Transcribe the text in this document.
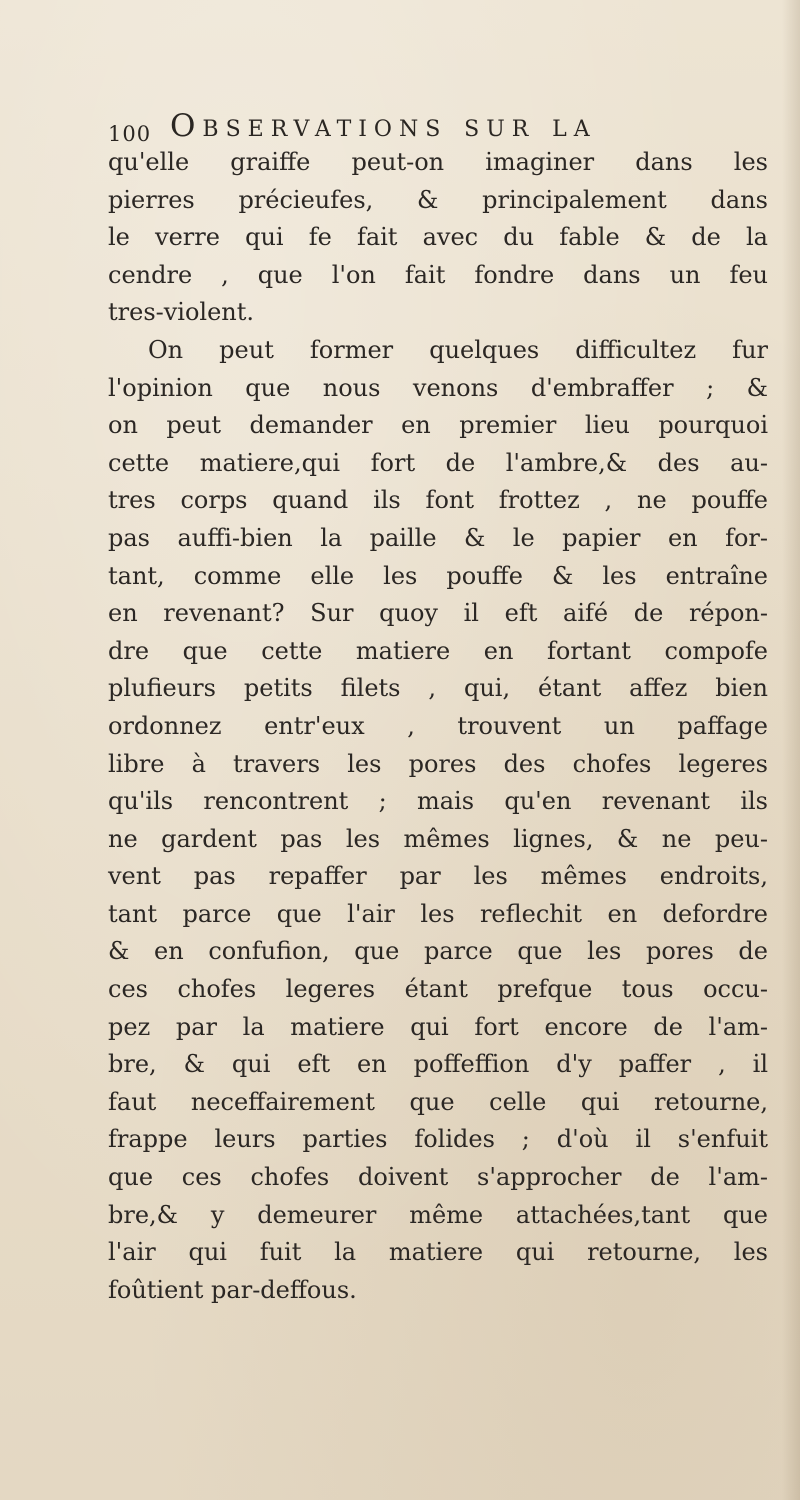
100 Observations sur la
qu'elle graiffe peut-on imaginer dans les
pierres précieufes, & principalement dans
le verre qui fe fait avec du fable & de la
cendre , que l'on fait fondre dans un feu
tres-violent.
On peut former quelques difficultez fur
l'opinion que nous venons d'embraffer ; &
on peut demander en premier lieu pourquoi
cette matiere,qui fort de l'ambre,& des au-
tres corps quand ils font frottez , ne pouffe
pas auffi-bien la paille & le papier en for-
tant, comme elle les pouffe & les entraîne
en revenant? Sur quoy il eft aifé de répon-
dre que cette matiere en fortant compofe
plufieurs petits filets , qui, étant affez bien
ordonnez entr'eux , trouvent un paffage
libre à travers les pores des chofes legeres
qu'ils rencontrent ; mais qu'en revenant ils
ne gardent pas les mêmes lignes, & ne peu-
vent pas repaffer par les mêmes endroits,
tant parce que l'air les reflechit en defordre
& en confufion, que parce que les pores de
ces chofes legeres étant prefque tous occu-
pez par la matiere qui fort encore de l'am-
bre, & qui eft en poffeffion d'y paffer , il
faut neceffairement que celle qui retourne,
frappe leurs parties folides ; d'où il s'enfuit
que ces chofes doivent s'approcher de l'am-
bre,& y demeurer même attachées,tant que
l'air qui fuit la matiere qui retourne, les
foûtient par-deffous.
